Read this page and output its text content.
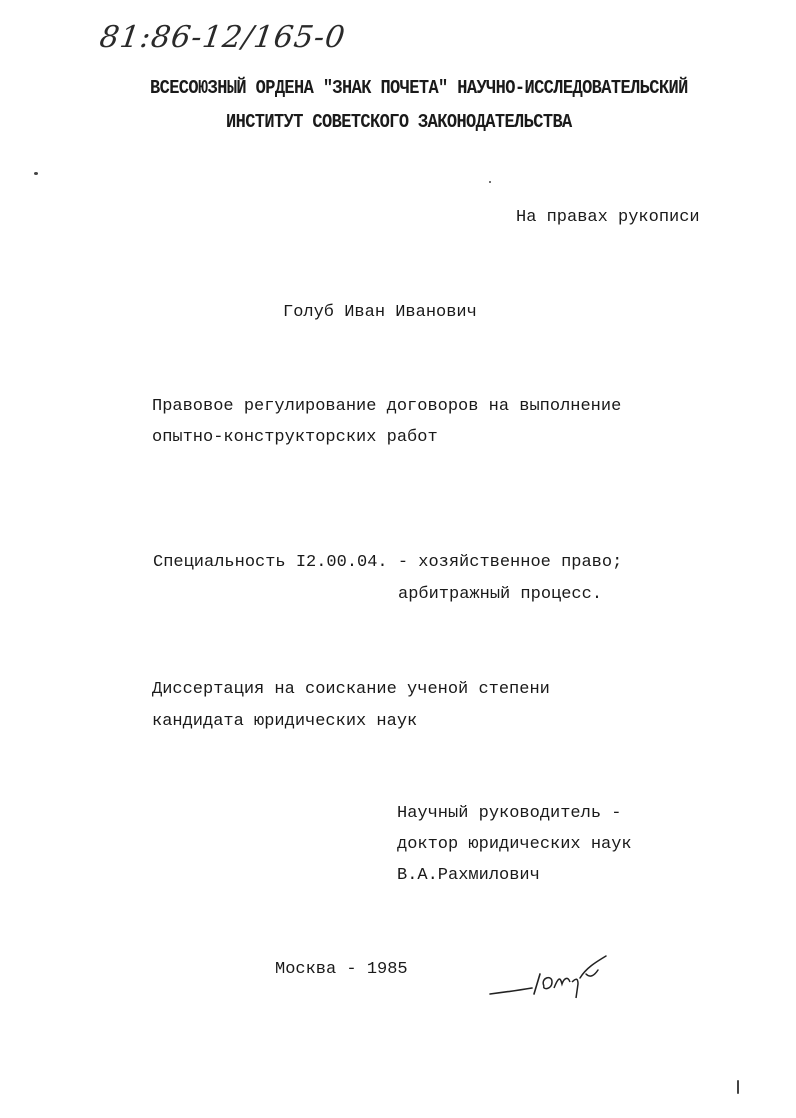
81:86-12/165-0
ВСЕСОЮЗНЫЙ ОРДЕНА "ЗНАК ПОЧЕТА" НАУЧНО-ИССЛЕДОВАТЕЛЬСКИЙ
ИНСТИТУТ СОВЕТСКОГО ЗАКОНОДАТЕЛЬСТВА
На правах рукописи
Голуб Иван Иванович
Правовое регулирование договоров на выполнение
опытно-конструкторских работ
Специальность I2.00.04. - хозяйственное право;
арбитражный процесс.
Диссертация на соискание ученой степени
кандидата юридических наук
Научный руководитель -
доктор юридических наук
В.А.Рахмилович
Москва - 1985
